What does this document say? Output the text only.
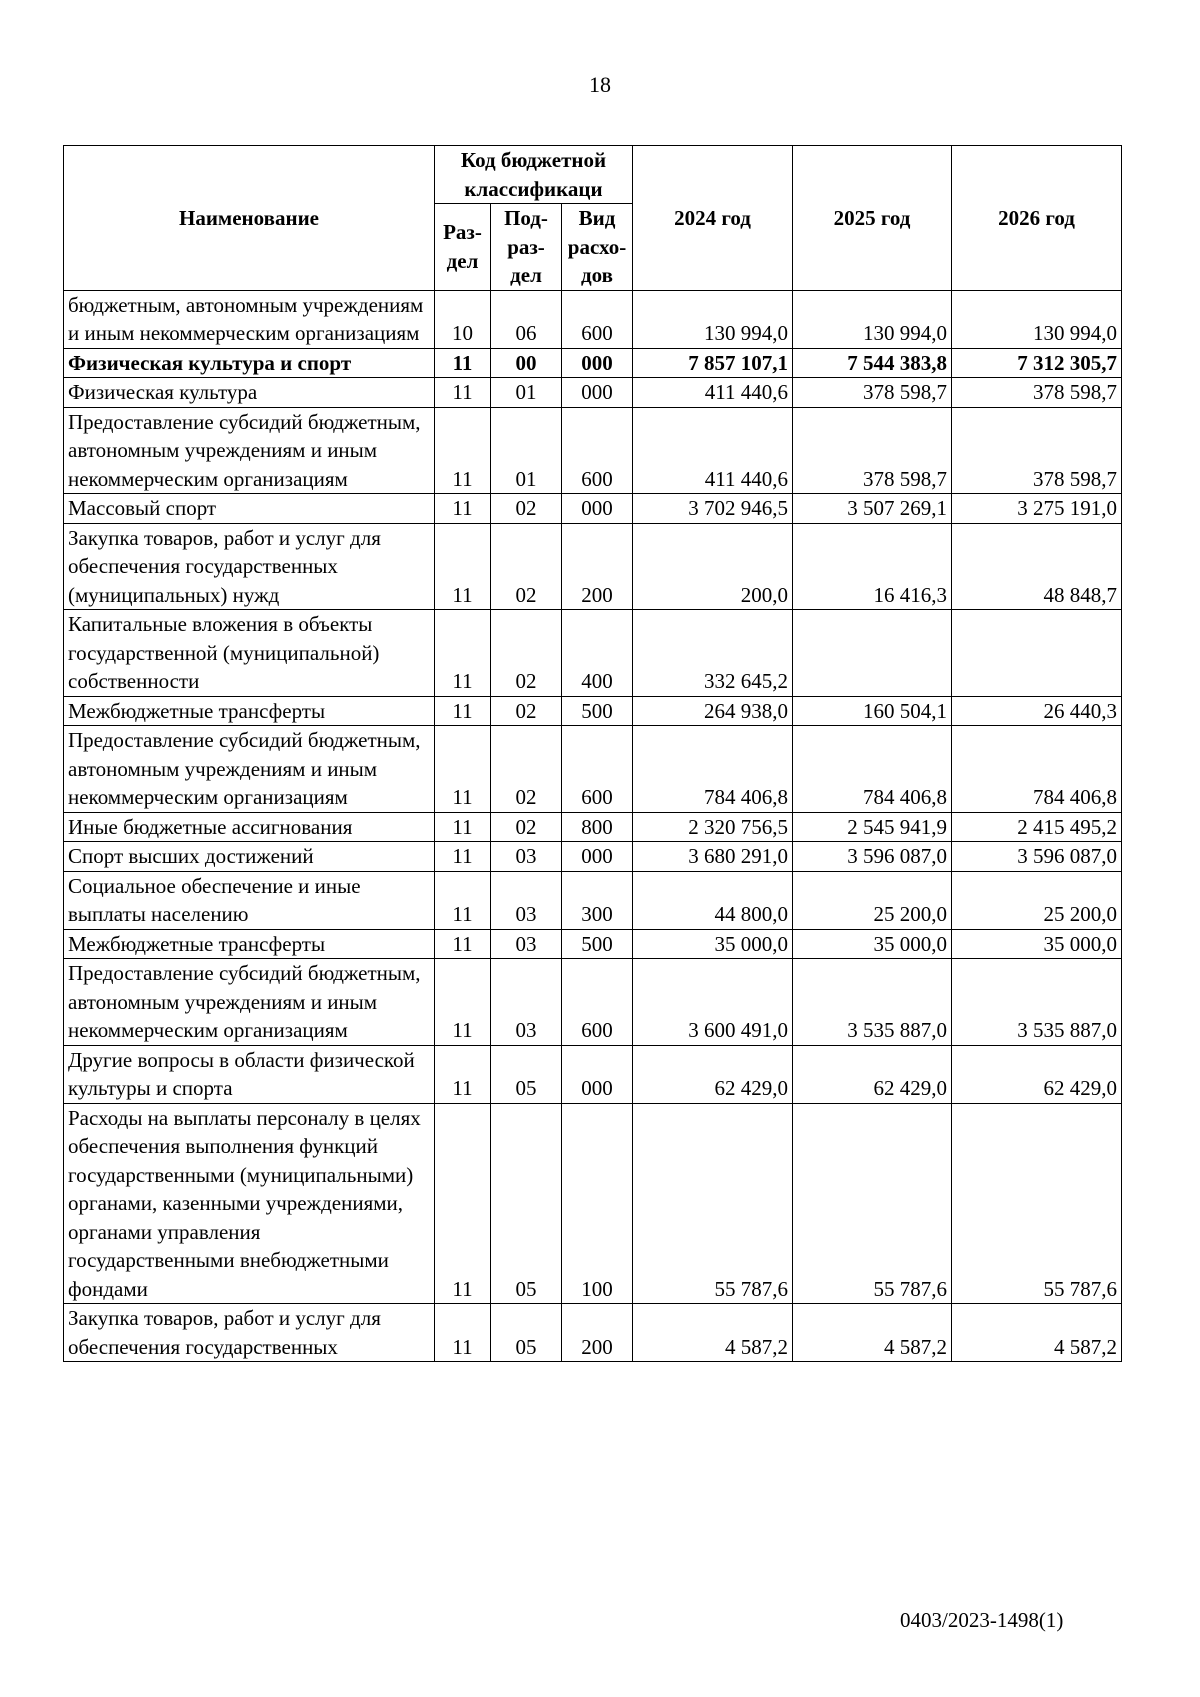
18
Наименование	Код бюджетной классификаци			2024 год	2025 год	2026 год
	Раз-дел	Под-раз-дел	Вид расхо-дов			
бюджетным, автономным учреждениям и иным некоммерческим организациям	10	06	600	130 994,0	130 994,0	130 994,0
Физическая культура и спорт	11	00	000	7 857 107,1	7 544 383,8	7 312 305,7
Физическая культура	11	01	000	411 440,6	378 598,7	378 598,7
Предоставление субсидий бюджетным, автономным учреждениям и иным некоммерческим организациям	11	01	600	411 440,6	378 598,7	378 598,7
Массовый спорт	11	02	000	3 702 946,5	3 507 269,1	3 275 191,0
Закупка товаров, работ и услуг для обеспечения государственных (муниципальных) нужд	11	02	200	200,0	16 416,3	48 848,7
Капитальные вложения в объекты государственной (муниципальной) собственности	11	02	400	332 645,2		
Межбюджетные трансферты	11	02	500	264 938,0	160 504,1	26 440,3
Предоставление субсидий бюджетным, автономным учреждениям и иным некоммерческим организациям	11	02	600	784 406,8	784 406,8	784 406,8
Иные бюджетные ассигнования	11	02	800	2 320 756,5	2 545 941,9	2 415 495,2
Спорт высших достижений	11	03	000	3 680 291,0	3 596 087,0	3 596 087,0
Социальное обеспечение и иные выплаты населению	11	03	300	44 800,0	25 200,0	25 200,0
Межбюджетные трансферты	11	03	500	35 000,0	35 000,0	35 000,0
Предоставление субсидий бюджетным, автономным учреждениям и иным некоммерческим организациям	11	03	600	3 600 491,0	3 535 887,0	3 535 887,0
Другие вопросы в области физической культуры и спорта	11	05	000	62 429,0	62 429,0	62 429,0
Расходы на выплаты персоналу в целях обеспечения выполнения функций государственными (муниципальными) органами, казенными учреждениями, органами управления государственными внебюджетными фондами	11	05	100	55 787,6	55 787,6	55 787,6
Закупка товаров, работ и услуг для обеспечения государственных	11	05	200	4 587,2	4 587,2	4 587,2
0403/2023-1498(1)
